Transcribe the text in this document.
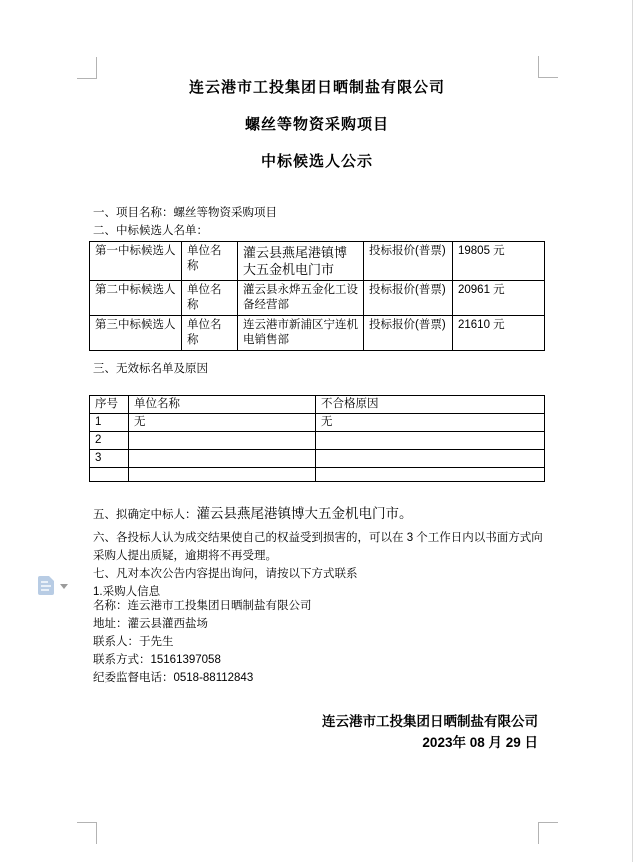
连云港市工投集团日晒制盐有限公司
螺丝等物资采购项目
中标候选人公示
一、项目名称：螺丝等物资采购项目
二、中标候选人名单：
第一中标候选人	单位名称	灌云县燕尾港镇博大五金机电门市	投标报价(普票)	19805 元
第二中标候选人	单位名称	灌云县永烨五金化工设备经营部	投标报价(普票)	20961 元
第三中标候选人	单位名称	连云港市新浦区宁连机电销售部	投标报价(普票)	21610 元
三、无效标名单及原因
序号	单位名称	不合格原因
1	无	无
2		
3		

五、拟确定中标人：灌云县燕尾港镇博大五金机电门市。
六、各投标人认为成交结果使自己的权益受到损害的，可以在 3 个工作日内以书面方式向采购人提出质疑，逾期将不再受理。
七、凡对本次公告内容提出询问，请按以下方式联系
1.采购人信息
名称：连云港市工投集团日晒制盐有限公司
地址：灌云县灌西盐场
联系人：于先生
联系方式：15161397058
纪委监督电话：0518-88112843
连云港市工投集团日晒制盐有限公司
2023年 08 月 29 日
